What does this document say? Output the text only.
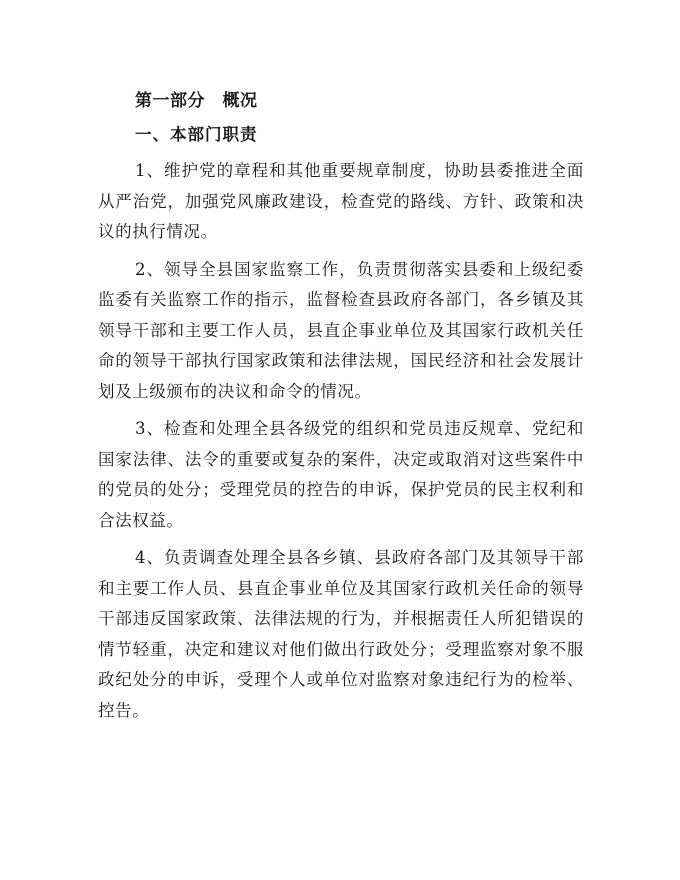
第一部分　概况
一、本部门职责

1、维护党的章程和其他重要规章制度，协助县委推进全面从严治党，加强党风廉政建设，检查党的路线、方针、政策和决议的执行情况。

2、领导全县国家监察工作，负责贯彻落实县委和上级纪委监委有关监察工作的指示，监督检查县政府各部门，各乡镇及其领导干部和主要工作人员，县直企事业单位及其国家行政机关任命的领导干部执行国家政策和法律法规，国民经济和社会发展计划及上级颁布的决议和命令的情况。

3、检查和处理全县各级党的组织和党员违反规章、党纪和国家法律、法令的重要或复杂的案件，决定或取消对这些案件中的党员的处分；受理党员的控告的申诉，保护党员的民主权利和合法权益。

4、负责调查处理全县各乡镇、县政府各部门及其领导干部和主要工作人员、县直企事业单位及其国家行政机关任命的领导干部违反国家政策、法律法规的行为，并根据责任人所犯错误的情节轻重，决定和建议对他们做出行政处分；受理监察对象不服政纪处分的申诉，受理个人或单位对监察对象违纪行为的检举、控告。
